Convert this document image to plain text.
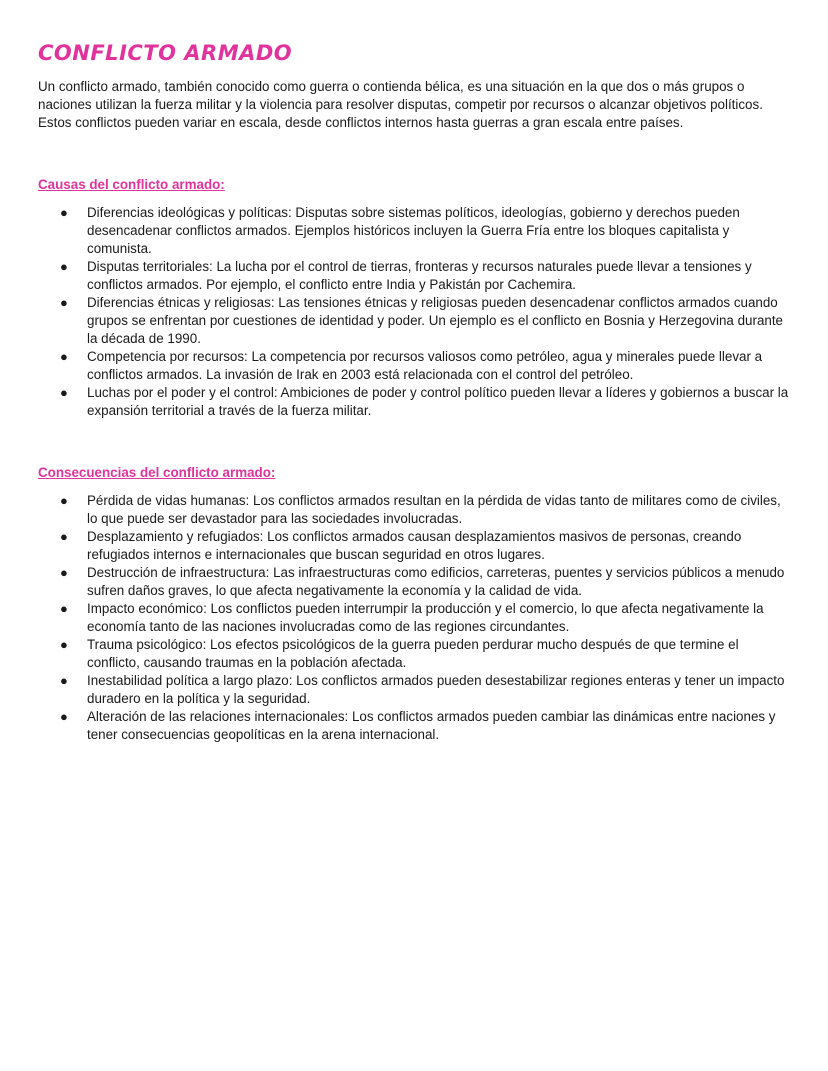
CONFLICTO ARMADO

Un conflicto armado, también conocido como guerra o contienda bélica, es una situación en la que dos o más grupos o naciones utilizan la fuerza militar y la violencia para resolver disputas, competir por recursos o alcanzar objetivos políticos. Estos conflictos pueden variar en escala, desde conflictos internos hasta guerras a gran escala entre países.

Causas del conflicto armado:
● Diferencias ideológicas y políticas: Disputas sobre sistemas políticos, ideologías, gobierno y derechos pueden desencadenar conflictos armados. Ejemplos históricos incluyen la Guerra Fría entre los bloques capitalista y comunista.
● Disputas territoriales: La lucha por el control de tierras, fronteras y recursos naturales puede llevar a tensiones y conflictos armados. Por ejemplo, el conflicto entre India y Pakistán por Cachemira.
● Diferencias étnicas y religiosas: Las tensiones étnicas y religiosas pueden desencadenar conflictos armados cuando grupos se enfrentan por cuestiones de identidad y poder. Un ejemplo es el conflicto en Bosnia y Herzegovina durante la década de 1990.
● Competencia por recursos: La competencia por recursos valiosos como petróleo, agua y minerales puede llevar a conflictos armados. La invasión de Irak en 2003 está relacionada con el control del petróleo.
● Luchas por el poder y el control: Ambiciones de poder y control político pueden llevar a líderes y gobiernos a buscar la expansión territorial a través de la fuerza militar.
Consecuencias del conflicto armado:
● Pérdida de vidas humanas: Los conflictos armados resultan en la pérdida de vidas tanto de militares como de civiles, lo que puede ser devastador para las sociedades involucradas.
● Desplazamiento y refugiados: Los conflictos armados causan desplazamientos masivos de personas, creando refugiados internos e internacionales que buscan seguridad en otros lugares.
● Destrucción de infraestructura: Las infraestructuras como edificios, carreteras, puentes y servicios públicos a menudo sufren daños graves, lo que afecta negativamente la economía y la calidad de vida.
● Impacto económico: Los conflictos pueden interrumpir la producción y el comercio, lo que afecta negativamente la economía tanto de las naciones involucradas como de las regiones circundantes.
● Trauma psicológico: Los efectos psicológicos de la guerra pueden perdurar mucho después de que termine el conflicto, causando traumas en la población afectada.
● Inestabilidad política a largo plazo: Los conflictos armados pueden desestabilizar regiones enteras y tener un impacto duradero en la política y la seguridad.
● Alteración de las relaciones internacionales: Los conflictos armados pueden cambiar las dinámicas entre naciones y tener consecuencias geopolíticas en la arena internacional.
